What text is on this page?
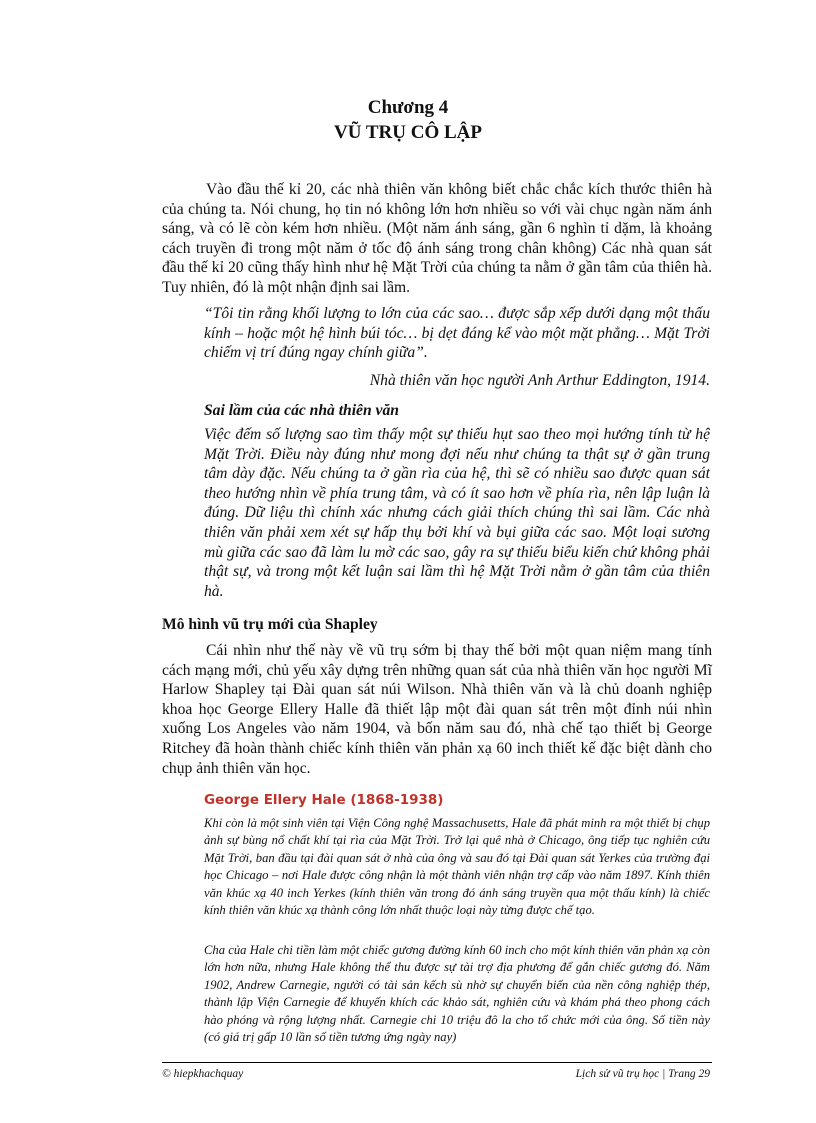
Chương 4
VŨ TRỤ CÔ LẬP

Vào đầu thế kỉ 20, các nhà thiên văn không biết chắc chắc kích thước thiên hà của chúng ta. Nói chung, họ tin nó không lớn hơn nhiều so với vài chục ngàn năm ánh sáng, và có lẽ còn kém hơn nhiều. (Một năm ánh sáng, gần 6 nghìn tỉ dặm, là khoảng cách truyền đi trong một năm ở tốc độ ánh sáng trong chân không) Các nhà quan sát đầu thế kỉ 20 cũng thấy hình như hệ Mặt Trời của chúng ta nằm ở gần tâm của thiên hà. Tuy nhiên, đó là một nhận định sai lầm.

“Tôi tin rằng khối lượng to lớn của các sao… được sắp xếp dưới dạng một thấu kính – hoặc một hệ hình búi tóc… bị dẹt đáng kể vào một mặt phẳng… Mặt Trời chiếm vị trí đúng ngay chính giữa”.

Nhà thiên văn học người Anh Arthur Eddington, 1914.

Sai lầm của các nhà thiên văn

Việc đếm số lượng sao tìm thấy một sự thiếu hụt sao theo mọi hướng tính từ hệ Mặt Trời. Điều này đúng như mong đợi nếu như chúng ta thật sự ở gần trung tâm dày đặc. Nếu chúng ta ở gần rìa của hệ, thì sẽ có nhiều sao được quan sát theo hướng nhìn về phía trung tâm, và có ít sao hơn về phía rìa, nên lập luận là đúng. Dữ liệu thì chính xác nhưng cách giải thích chúng thì sai lầm. Các nhà thiên văn phải xem xét sự hấp thụ bởi khí và bụi giữa các sao. Một loại sương mù giữa các sao đã làm lu mờ các sao, gây ra sự thiếu biểu kiến chứ không phải thật sự, và trong một kết luận sai lầm thì hệ Mặt Trời nằm ở gần tâm của thiên hà.

Mô hình vũ trụ mới của Shapley

Cái nhìn như thế này về vũ trụ sớm bị thay thế bởi một quan niệm mang tính cách mạng mới, chủ yếu xây dựng trên những quan sát của nhà thiên văn học người Mĩ Harlow Shapley tại Đài quan sát núi Wilson. Nhà thiên văn và là chủ doanh nghiệp khoa học George Ellery Halle đã thiết lập một đài quan sát trên một đỉnh núi nhìn xuống Los Angeles vào năm 1904, và bốn năm sau đó, nhà chế tạo thiết bị George Ritchey đã hoàn thành chiếc kính thiên văn phản xạ 60 inch thiết kế đặc biệt dành cho chụp ảnh thiên văn học.

George Ellery Hale (1868-1938)

Khi còn là một sinh viên tại Viện Công nghệ Massachusetts, Hale đã phát minh ra một thiết bị chụp ảnh sự bùng nổ chất khí tại rìa của Mặt Trời. Trở lại quê nhà ở Chicago, ông tiếp tục nghiên cứu Mặt Trời, ban đầu tại đài quan sát ở nhà của ông và sau đó tại Đài quan sát Yerkes của trường đại học Chicago – nơi Hale được công nhận là một thành viên nhận trợ cấp vào năm 1897. Kính thiên văn khúc xạ 40 inch Yerkes (kính thiên văn trong đó ánh sáng truyền qua một thấu kính) là chiếc kính thiên văn khúc xạ thành công lớn nhất thuộc loại này từng được chế tạo.

Cha của Hale chi tiền làm một chiếc gương đường kính 60 inch cho một kính thiên văn phản xạ còn lớn hơn nữa, nhưng Hale không thể thu được sự tài trợ địa phương để gắn chiếc gương đó. Năm 1902, Andrew Carnegie, người có tài sản kếch sù nhờ sự chuyển biến của nền công nghiệp thép, thành lập Viện Carnegie để khuyến khích các khảo sát, nghiên cứu và khám phá theo phong cách hào phóng và rộng lượng nhất. Carnegie chi 10 triệu đô la cho tổ chức mới của ông. Số tiền này (có giá trị gấp 10 lần số tiền tương ứng ngày nay)

© hiepkhachquay	Lịch sử vũ trụ học | Trang 29
